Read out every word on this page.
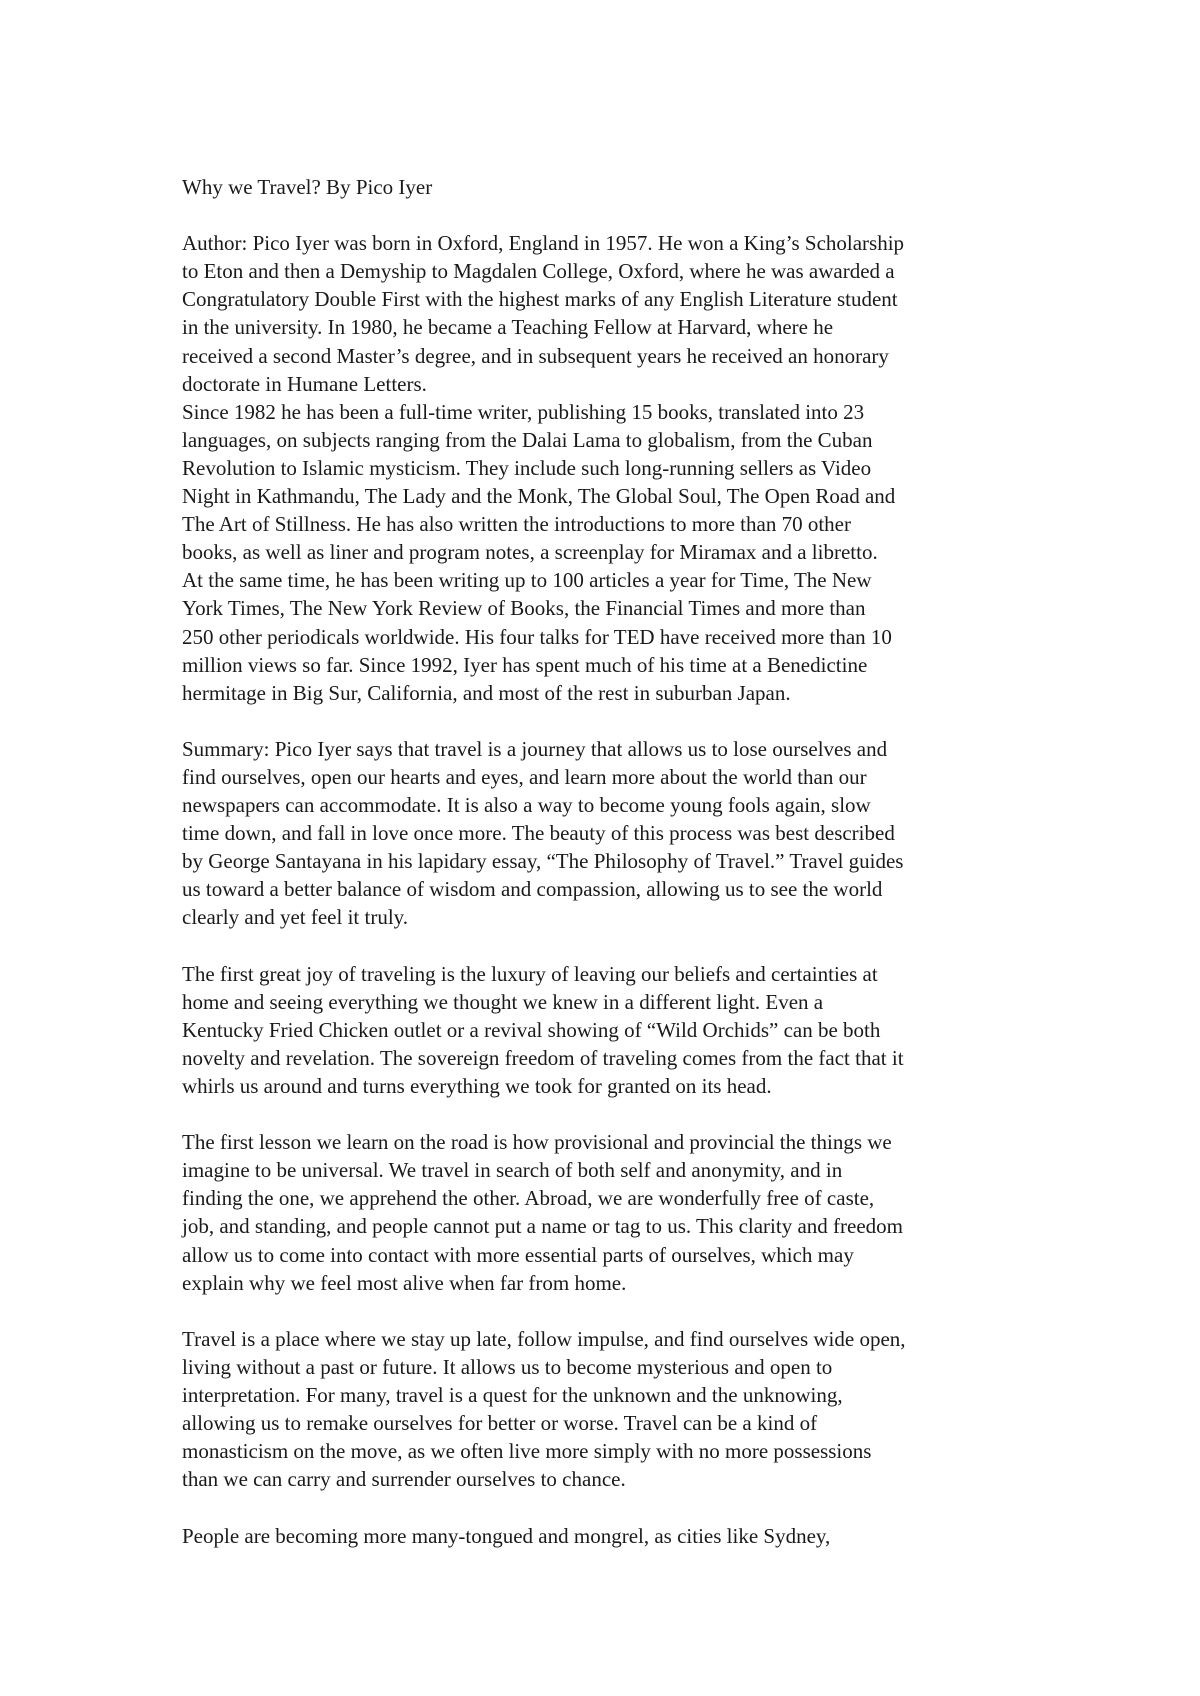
Why we Travel? By Pico Iyer
Author: Pico Iyer was born in Oxford, England in 1957. He won a King’s Scholarship
to Eton and then a Demyship to Magdalen College, Oxford, where he was awarded a
Congratulatory Double First with the highest marks of any English Literature student
in the university. In 1980, he became a Teaching Fellow at Harvard, where he
received a second Master’s degree, and in subsequent years he received an honorary
doctorate in Humane Letters.
Since 1982 he has been a full-time writer, publishing 15 books, translated into 23
languages, on subjects ranging from the Dalai Lama to globalism, from the Cuban
Revolution to Islamic mysticism. They include such long-running sellers as Video
Night in Kathmandu, The Lady and the Monk, The Global Soul, The Open Road and
The Art of Stillness. He has also written the introductions to more than 70 other
books, as well as liner and program notes, a screenplay for Miramax and a libretto.
At the same time, he has been writing up to 100 articles a year for Time, The New
York Times, The New York Review of Books, the Financial Times and more than
250 other periodicals worldwide. His four talks for TED have received more than 10
million views so far. Since 1992, Iyer has spent much of his time at a Benedictine
hermitage in Big Sur, California, and most of the rest in suburban Japan.
Summary: Pico Iyer says that travel is a journey that allows us to lose ourselves and
find ourselves, open our hearts and eyes, and learn more about the world than our
newspapers can accommodate. It is also a way to become young fools again, slow
time down, and fall in love once more. The beauty of this process was best described
by George Santayana in his lapidary essay, “The Philosophy of Travel.” Travel guides
us toward a better balance of wisdom and compassion, allowing us to see the world
clearly and yet feel it truly.
The first great joy of traveling is the luxury of leaving our beliefs and certainties at
home and seeing everything we thought we knew in a different light. Even a
Kentucky Fried Chicken outlet or a revival showing of “Wild Orchids” can be both
novelty and revelation. The sovereign freedom of traveling comes from the fact that it
whirls us around and turns everything we took for granted on its head.
The first lesson we learn on the road is how provisional and provincial the things we
imagine to be universal. We travel in search of both self and anonymity, and in
finding the one, we apprehend the other. Abroad, we are wonderfully free of caste,
job, and standing, and people cannot put a name or tag to us. This clarity and freedom
allow us to come into contact with more essential parts of ourselves, which may
explain why we feel most alive when far from home.
Travel is a place where we stay up late, follow impulse, and find ourselves wide open,
living without a past or future. It allows us to become mysterious and open to
interpretation. For many, travel is a quest for the unknown and the unknowing,
allowing us to remake ourselves for better or worse. Travel can be a kind of
monasticism on the move, as we often live more simply with no more possessions
than we can carry and surrender ourselves to chance.
People are becoming more many-tongued and mongrel, as cities like Sydney,
